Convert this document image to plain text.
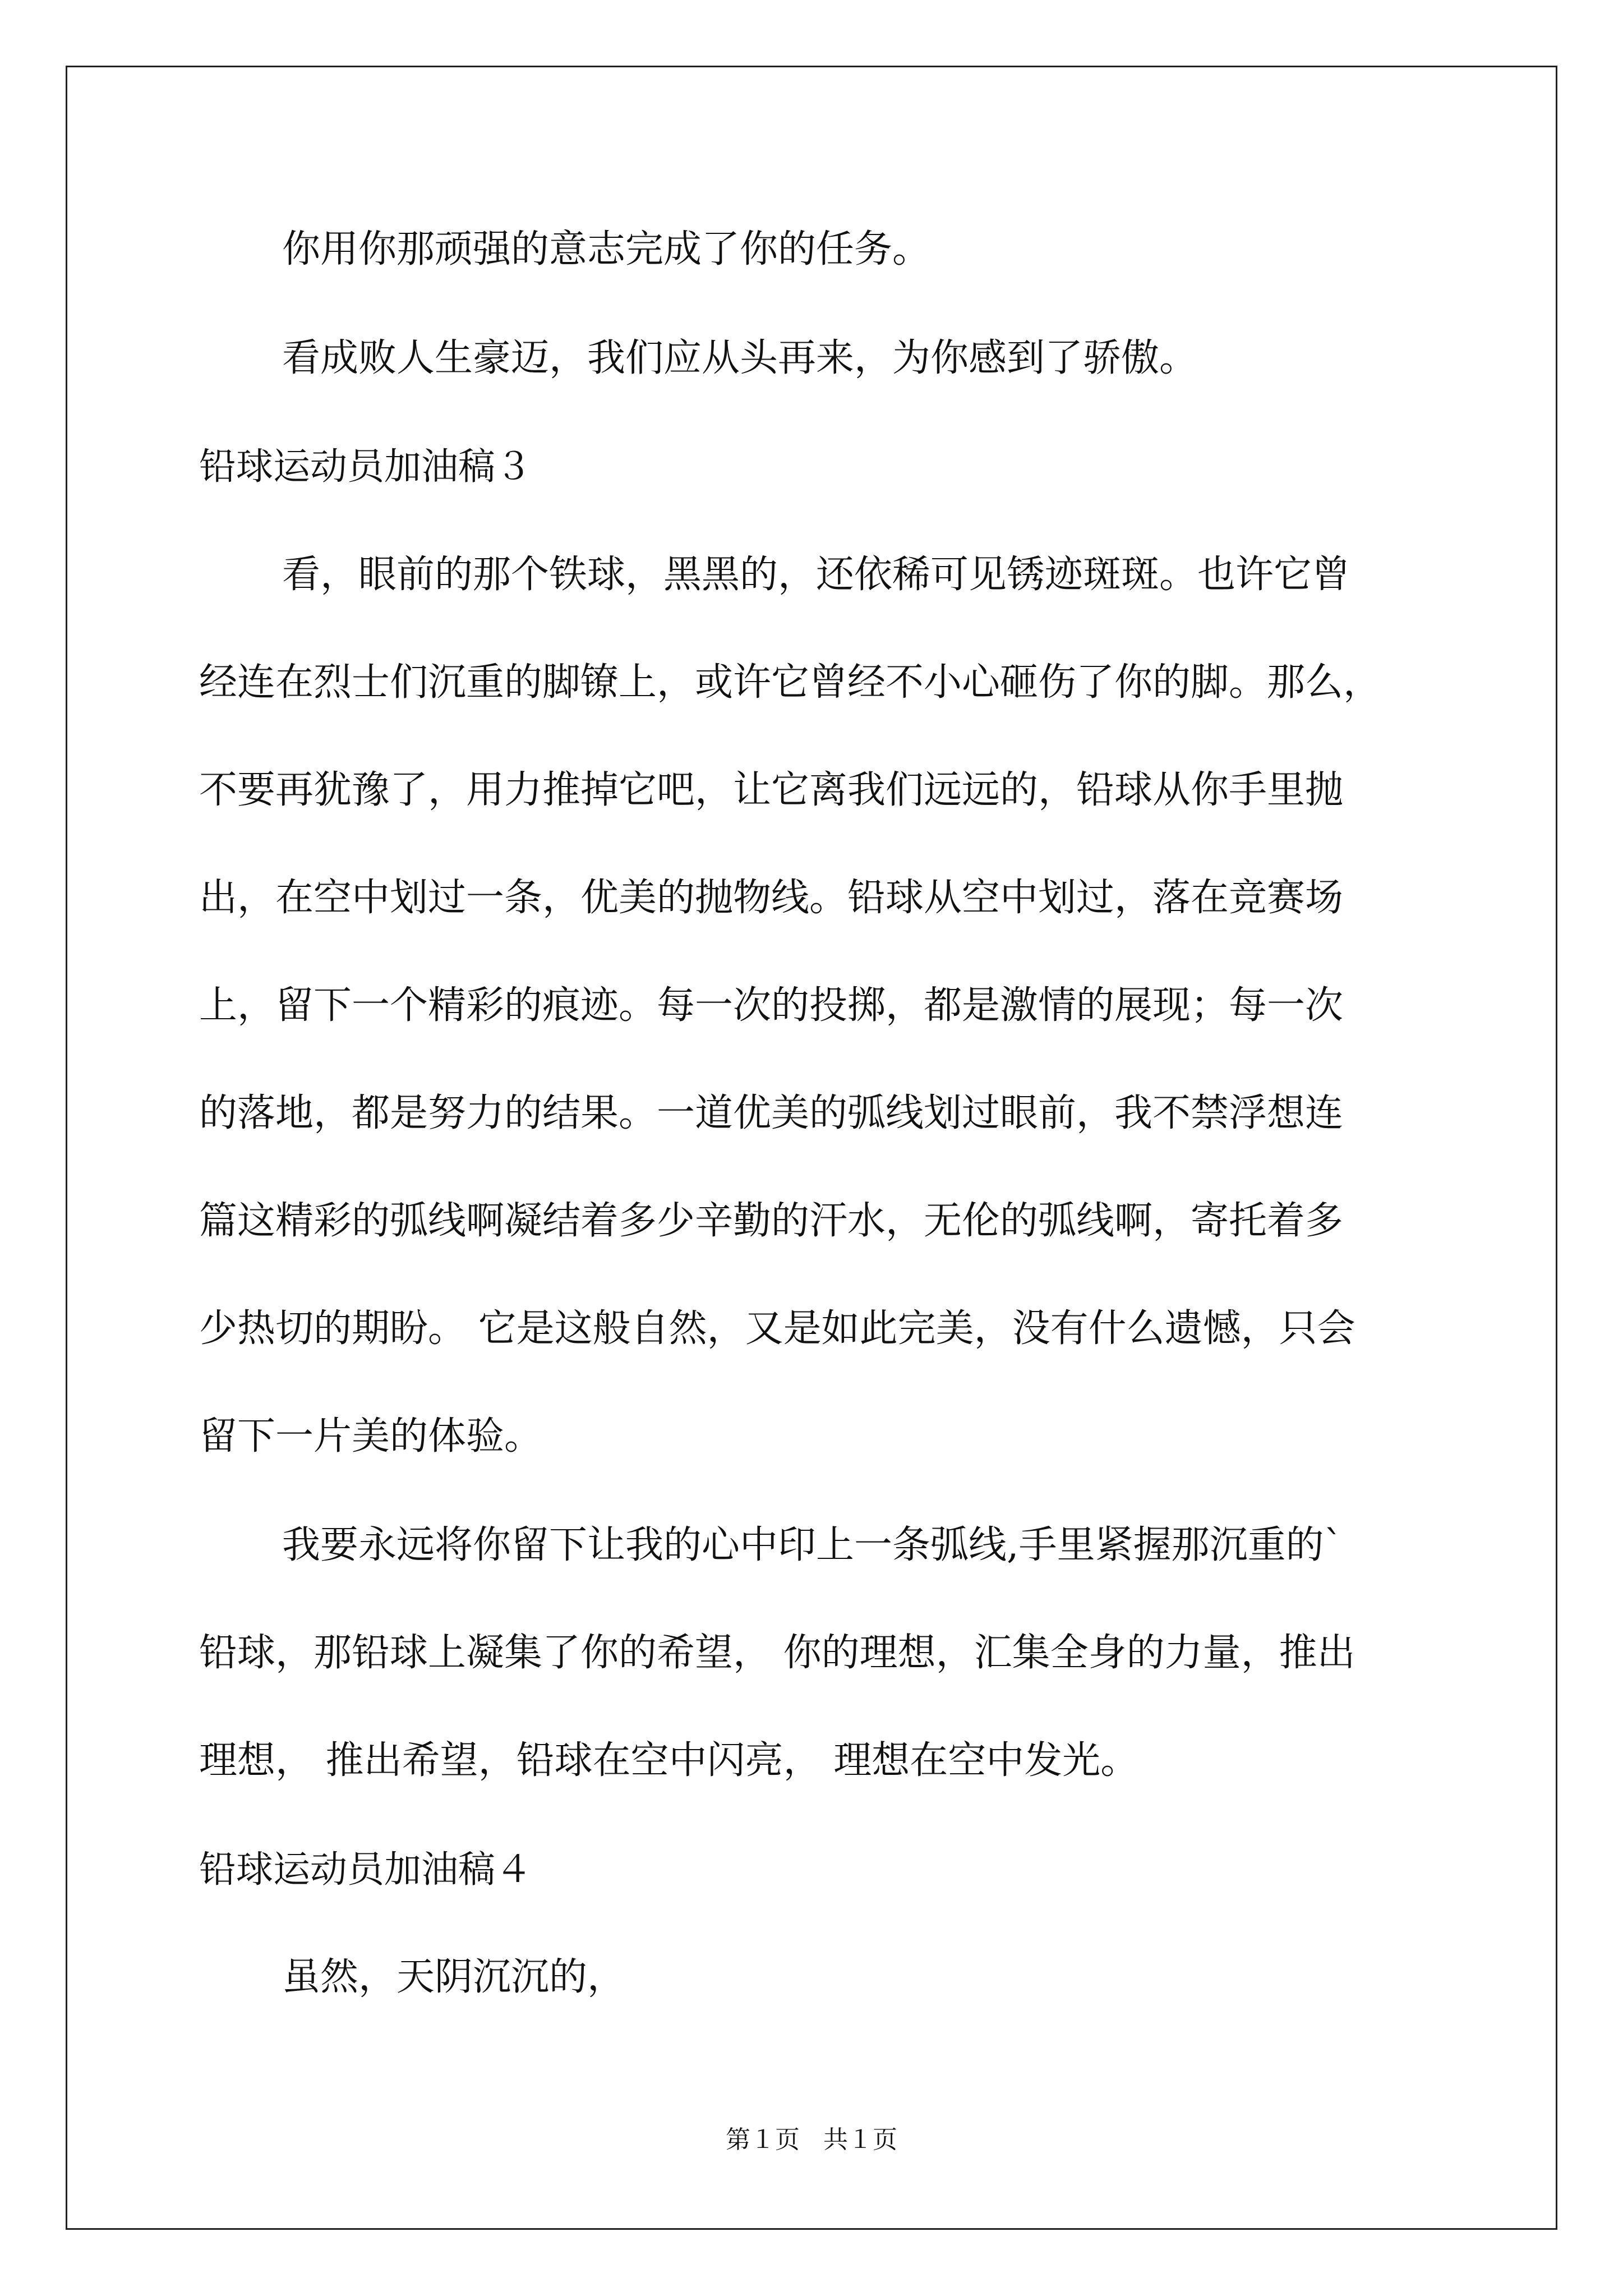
你用你那顽强的意志完成了你的任务。
看成败人生豪迈，我们应从头再来，为你感到了骄傲。
铅球运动员加油稿３
看，眼前的那个铁球，黑黑的，还依稀可见锈迹斑斑。也许它曾
经连在烈士们沉重的脚镣上，或许它曾经不小心砸伤了你的脚。那么，
不要再犹豫了，用力推掉它吧，让它离我们远远的，铅球从你手里抛
出，在空中划过一条，优美的抛物线。铅球从空中划过，落在竞赛场
上，留下一个精彩的痕迹。每一次的投掷，都是激情的展现；每一次
的落地，都是努力的结果。一道优美的弧线划过眼前，我不禁浮想连
篇这精彩的弧线啊凝结着多少辛勤的汗水，无伦的弧线啊，寄托着多
少热切的期盼。 它是这般自然，又是如此完美，没有什么遗憾，只会
留下一片美的体验。
我要永远将你留下让我的心中印上一条弧线,手里紧握那沉重的`
铅球，那铅球上凝集了你的希望， 你的理想，汇集全身的力量，推出
理想， 推出希望，铅球在空中闪亮， 理想在空中发光。
铅球运动员加油稿４
虽然，天阴沉沉的，
第１页 共１页
